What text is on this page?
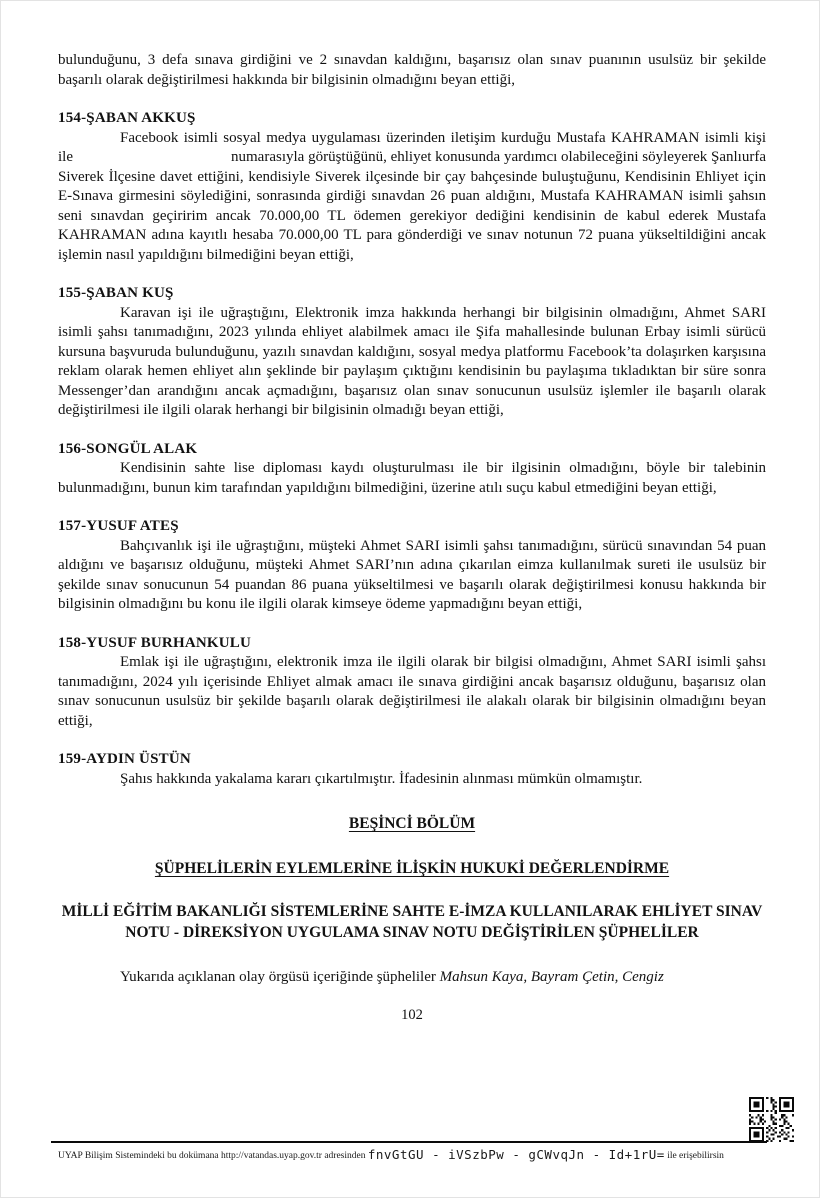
bulunduğunu, 3 defa sınava girdiğini ve 2 sınavdan kaldığını, başarısız olan sınav puanının usulsüz bir şekilde başarılı olarak değiştirilmesi hakkında bir bilgisinin olmadığını beyan ettiği,

154-ŞABAN AKKUŞ

Facebook isimli sosyal medya uygulaması üzerinden iletişim kurduğu Mustafa KAHRAMAN isimli kişi ile	numarasıyla görüştüğünü, ehliyet konusunda yardımcı olabileceğini söyleyerek Şanlıurfa Siverek İlçesine davet ettiğini, kendisiyle Siverek ilçesinde bir çay bahçesinde buluştuğunu, Kendisinin Ehliyet için E-Sınava girmesini söylediğini, sonrasında girdiği sınavdan 26 puan aldığını, Mustafa KAHRAMAN isimli şahsın seni sınavdan geçiririm ancak 70.000,00 TL ödemen gerekiyor dediğini kendisinin de kabul ederek Mustafa KAHRAMAN adına kayıtlı hesaba 70.000,00 TL para gönderdiği ve sınav notunun 72 puana yükseltildiğini ancak işlemin nasıl yapıldığını bilmediğini beyan ettiği,

155-ŞABAN KUŞ

Karavan işi ile uğraştığını, Elektronik imza hakkında herhangi bir bilgisinin olmadığını, Ahmet SARI isimli şahsı tanımadığını, 2023 yılında ehliyet alabilmek amacı ile Şifa mahallesinde bulunan Erbay isimli sürücü kursuna başvuruda bulunduğunu, yazılı sınavdan kaldığını, sosyal medya platformu Facebook’ta dolaşırken karşısına reklam olarak hemen ehliyet alın şeklinde bir paylaşım çıktığını kendisinin bu paylaşıma tıkladıktan bir süre sonra Messenger’dan arandığını ancak açmadığını, başarısız olan sınav sonucunun usulsüz işlemler ile başarılı olarak değiştirilmesi ile ilgili olarak herhangi bir bilgisinin olmadığı beyan ettiği,

156-SONGÜL ALAK

Kendisinin sahte lise diploması kaydı oluşturulması ile bir ilgisinin olmadığını, böyle bir talebinin bulunmadığını, bunun kim tarafından yapıldığını bilmediğini, üzerine atılı suçu kabul etmediğini beyan ettiği,

157-YUSUF ATEŞ

Bahçıvanlık işi ile uğraştığını, müşteki Ahmet SARI isimli şahsı tanımadığını, sürücü sınavından 54 puan aldığını ve başarısız olduğunu, müşteki Ahmet SARI’nın adına çıkarılan eimza kullanılmak sureti ile usulsüz bir şekilde sınav sonucunun 54 puandan 86 puana yükseltilmesi ve başarılı olarak değiştirilmesi konusu hakkında bir bilgisinin olmadığını bu konu ile ilgili olarak kimseye ödeme yapmadığını beyan ettiği,

158-YUSUF BURHANKULU

Emlak işi ile uğraştığını, elektronik imza ile ilgili olarak bir bilgisi olmadığını, Ahmet SARI isimli şahsı tanımadığını, 2024 yılı içerisinde Ehliyet almak amacı ile sınava girdiğini ancak başarısız olduğunu, başarısız olan sınav sonucunun usulsüz bir şekilde başarılı olarak değiştirilmesi ile alakalı olarak bir bilgisinin olmadığını beyan ettiği,

159-AYDIN ÜSTÜN

Şahıs hakkında yakalama kararı çıkartılmıştır. İfadesinin alınması mümkün olmamıştır.

BEŞİNCİ BÖLÜM
ŞÜPHELİLERİN EYLEMLERİNE İLİŞKİN HUKUKİ DEĞERLENDİRME
MİLLİ EĞİTİM BAKANLIĞI SİSTEMLERİNE SAHTE E-İMZA KULLANILARAK EHLİYET SINAV NOTU - DİREKSİYON UYGULAMA SINAV NOTU DEĞİŞTİRİLEN ŞÜPHELİLER

Yukarıda açıklanan olay örgüsü içeriğinde şüpheliler Mahsun Kaya, Bayram Çetin, Cengiz

102
UYAP Bilişim Sistemindeki bu dokümana http://vatandas.uyap.gov.tr adresinden fnvGtGU - iVSzbPw - gCWvqJn - Id+1rU= ile erişebilirsin
